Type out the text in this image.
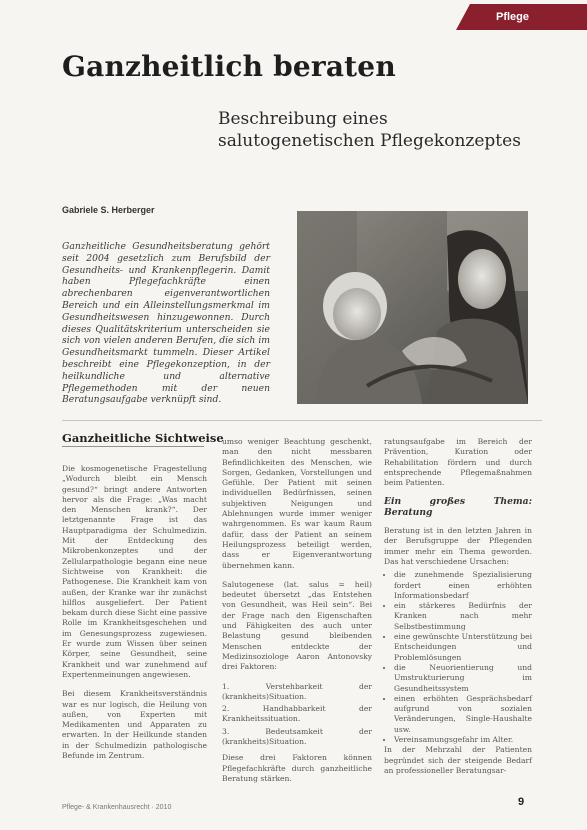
Pflege
Ganzheitlich beraten
Beschreibung eines salutogenetischen Pflegekonzeptes
Gabriele S. Herberger
Ganzheitliche Gesundheitsberatung gehört seit 2004 gesetzlich zum Berufsbild der Gesundheits- und Krankenpflegerin. Damit haben Pflegefachkräfte einen abrechenbaren eigenverantwortlichen Bereich und ein Alleinstellungsmerkmal im Gesundheitswesen hinzugewonnen. Durch dieses Qualitätskriterium unterscheiden sie sich von vielen anderen Berufen, die sich im Gesundheitsmarkt tummeln. Dieser Artikel beschreibt eine Pflegekonzeption, in der heilkundliche und alternative Pflegemethoden mit der neuen Beratungsaufgabe verknüpft sind.
Ganzheitliche Sichtweise

Die kosmogenetische Fragestellung „Wodurch bleibt ein Mensch gesund?“ bringt andere Antworten hervor als die Frage: „Was macht den Menschen krank?“. Der letztgenannte Frage ist das Hauptparadigma der Schulmedizin. Mit der Entdeckung des Mikrobenkonzeptes und der Zellularpathologie begann eine neue Sichtweise von Krankheit: die Pathogenese. Die Krankheit kam von außen, der Kranke war ihr zunächst hilflos ausgeliefert. Der Patient bekam durch diese Sicht eine passive Rolle im Krankheitsgeschehen und im Genesungsprozess zugewiesen. Er wurde zum Wissen über seinen Körper, seine Gesundheit, seine Krankheit und war zunehmend auf Expertenmeinungen angewiesen.

Bei diesem Krankheitsverständnis war es nur logisch, die Heilung von außen, von Experten mit Medikamenten und Apparaten zu erwarten. In der Heilkunde standen in der Schulmedizin pathologische Befunde im Zentrum.

umso weniger Beachtung geschenkt, man den nicht messbaren Befindlichkeiten des Menschen, wie Sorgen, Gedanken, Vorstellungen und Gefühle. Der Patient mit seinen individuellen Bedürfnissen, seinen subjektiven Neigungen und Ablehnungen wurde immer weniger wahrgenommen. Es war kaum Raum dafür, dass der Patient an seinem Heilungsprozess beteiligt werden, dass er Eigenverantwortung übernehmen kann.

Salutogenese (lat. salus = heil) bedeutet übersetzt „das Entstehen von Gesundheit, was Heil sein“. Bei der Frage nach den Eigenschaften und Fähigkeiten des auch unter Belastung gesund bleibenden Menschen entdeckte der Medizinsoziologe Aaron Antonovsky drei Faktoren:

1. Verstehbarkeit der (krankheits)Situation.

2. Handhabbarkeit der Krankheitssituation.

3. Bedeutsamkeit der (krankheits)Situation.

Diese drei Faktoren können Pflegefachkräfte durch ganzheitliche Beratung stärken.

ratungsaufgabe im Bereich der Prävention, Kuration oder Rehabilitation fördern und durch entsprechende Pflegemaßnahmen beim Patienten.

Ein großes Thema: Beratung

Beratung ist in den letzten Jahren in der Berufsgruppe der Pflegenden immer mehr ein Thema geworden. Das hat verschiedene Ursachen:

• die zunehmende Spezialisierung fordert einen erhöhten Informationsbedarf
• ein stärkeres Bedürfnis der Kranken nach mehr Selbstbestimmung
• eine gewünschte Unterstützung bei Entscheidungen und Problemlösungen
• die Neuorientierung und Umstrukturierung im Gesundheitssystem
• einen erhöhten Gesprächsbedarf aufgrund von sozialen Veränderungen, Single-Haushalte usw.
• Vereinsamungsgefahr im Alter.

In der Mehrzahl der Patienten begründet sich der steigende Bedarf an professioneller Beratungsar-

Pflege- & Krankenhausrecht · 2010	9
